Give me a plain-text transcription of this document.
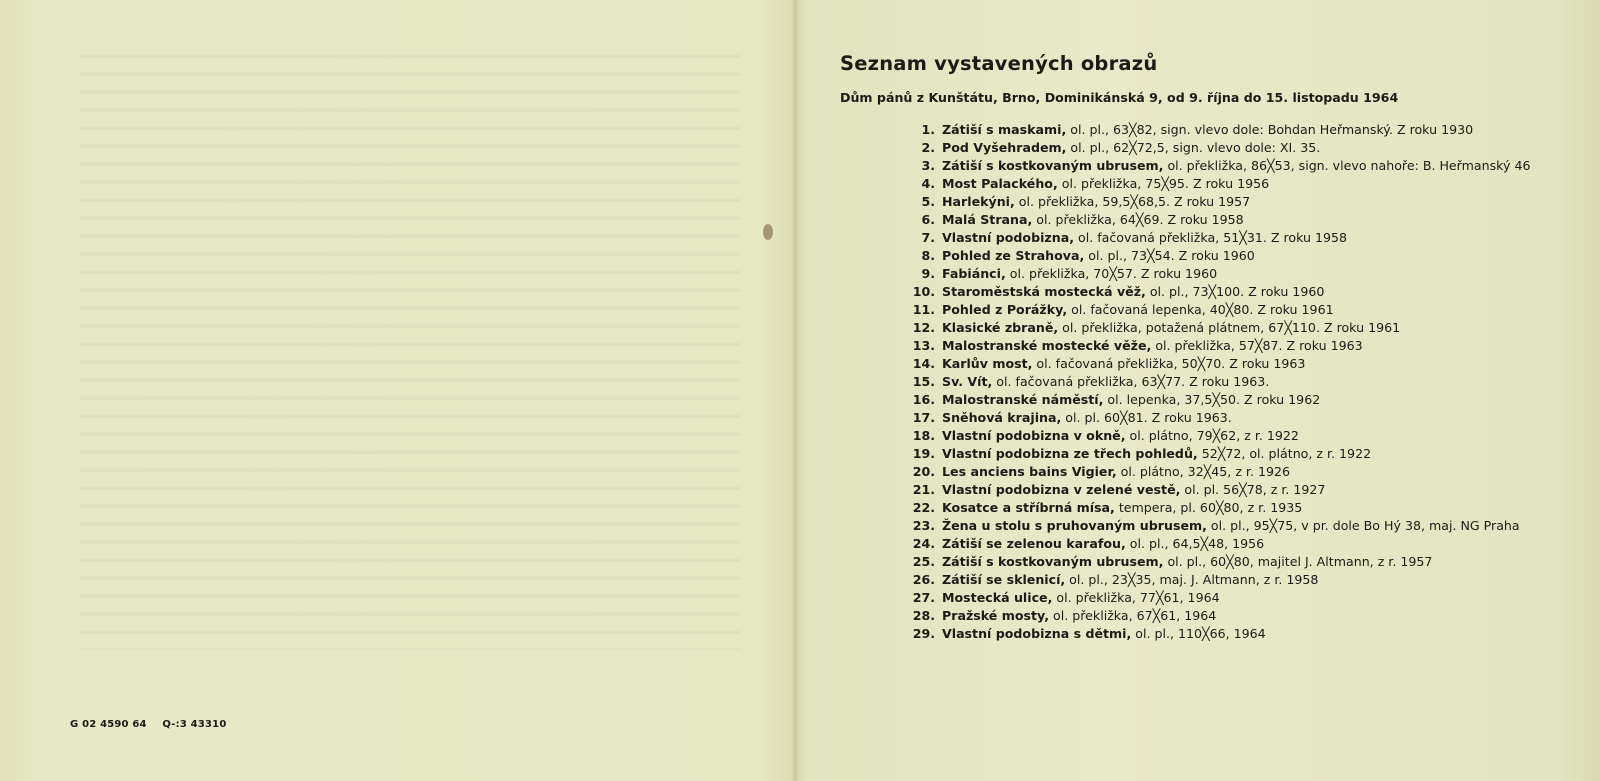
G 02 4590 64 Q-:3 43310
Seznam vystavených obrazů
Dům pánů z Kunštátu, Brno, Dominikánská 9, od 9. října do 15. listopadu 1964
1. Zátiší s maskami, ol. pl., 63╳82, sign. vlevo dole: Bohdan Heřmanský. Z roku 1930
2. Pod Vyšehradem, ol. pl., 62╳72,5, sign. vlevo dole: XI. 35.
3. Zátiší s kostkovaným ubrusem, ol. překližka, 86╳53, sign. vlevo nahoře: B. Heřmanský 46
4. Most Palackého, ol. překližka, 75╳95. Z roku 1956
5. Harlekýni, ol. překližka, 59,5╳68,5. Z roku 1957
6. Malá Strana, ol. překližka, 64╳69. Z roku 1958
7. Vlastní podobizna, ol. fačovaná překližka, 51╳31. Z roku 1958
8. Pohled ze Strahova, ol. pl., 73╳54. Z roku 1960
9. Fabiánci, ol. překližka, 70╳57. Z roku 1960
10. Staroměstská mostecká věž, ol. pl., 73╳100. Z roku 1960
11. Pohled z Porážky, ol. fačovaná lepenka, 40╳80. Z roku 1961
12. Klasické zbraně, ol. překližka, potažená plátnem, 67╳110. Z roku 1961
13. Malostranské mostecké věže, ol. překližka, 57╳87. Z roku 1963
14. Karlův most, ol. fačovaná překližka, 50╳70. Z roku 1963
15. Sv. Vít, ol. fačovaná překližka, 63╳77. Z roku 1963.
16. Malostranské náměstí, ol. lepenka, 37,5╳50. Z roku 1962
17. Sněhová krajina, ol. pl. 60╳81. Z roku 1963.
18. Vlastní podobizna v okně, ol. plátno, 79╳62, z r. 1922
19. Vlastní podobizna ze třech pohledů, 52╳72, ol. plátno, z r. 1922
20. Les anciens bains Vigier, ol. plátno, 32╳45, z r. 1926
21. Vlastní podobizna v zelené vestě, ol. pl. 56╳78, z r. 1927
22. Kosatce a stříbrná mísa, tempera, pl. 60╳80, z r. 1935
23. Žena u stolu s pruhovaným ubrusem, ol. pl., 95╳75, v pr. dole Bo Hý 38, maj. NG Praha
24. Zátiší se zelenou karafou, ol. pl., 64,5╳48, 1956
25. Zátiší s kostkovaným ubrusem, ol. pl., 60╳80, majitel J. Altmann, z r. 1957
26. Zátiší se sklenicí, ol. pl., 23╳35, maj. J. Altmann, z r. 1958
27. Mostecká ulice, ol. překližka, 77╳61, 1964
28. Pražské mosty, ol. překližka, 67╳61, 1964
29. Vlastní podobizna s dětmi, ol. pl., 110╳66, 1964
